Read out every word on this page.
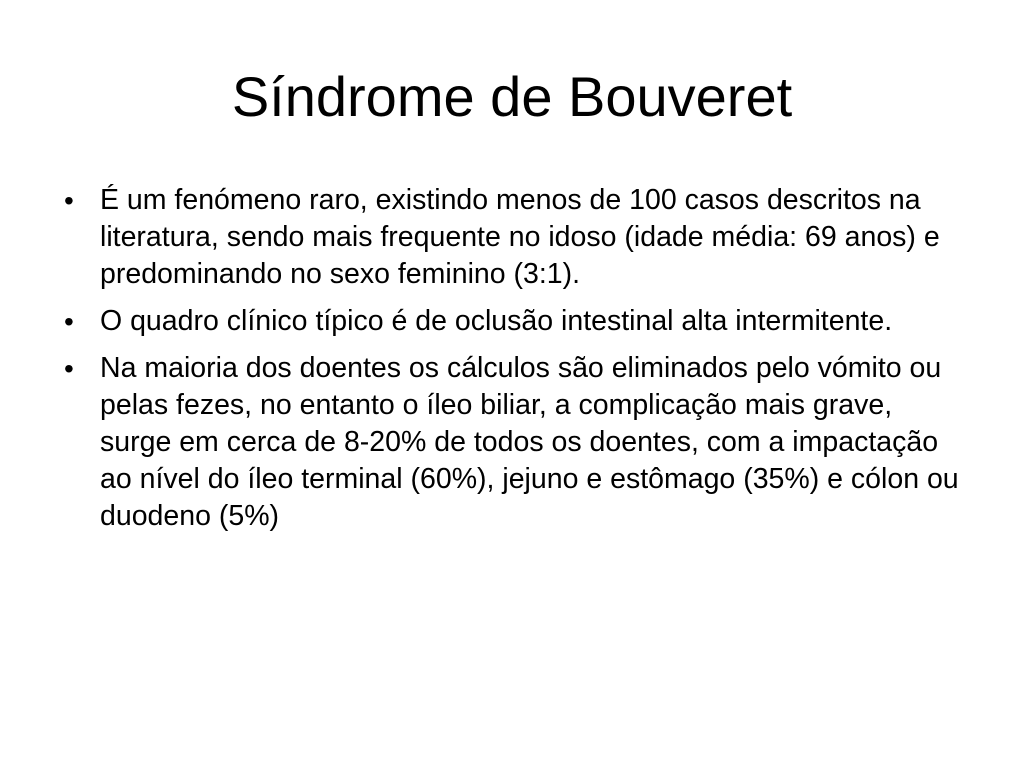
Síndrome de Bouveret
• É um fenómeno raro, existindo menos de 100 casos descritos na literatura, sendo mais frequente no idoso (idade média: 69 anos) e predominando no sexo feminino (3:1).
• O quadro clínico típico é de oclusão intestinal alta intermitente.
• Na maioria dos doentes os cálculos são eliminados pelo vómito ou pelas fezes, no entanto o íleo biliar, a complicação mais grave, surge em cerca de 8-20% de todos os doentes, com a impactação ao nível do íleo terminal (60%), jejuno e estômago (35%) e cólon ou duodeno (5%)
